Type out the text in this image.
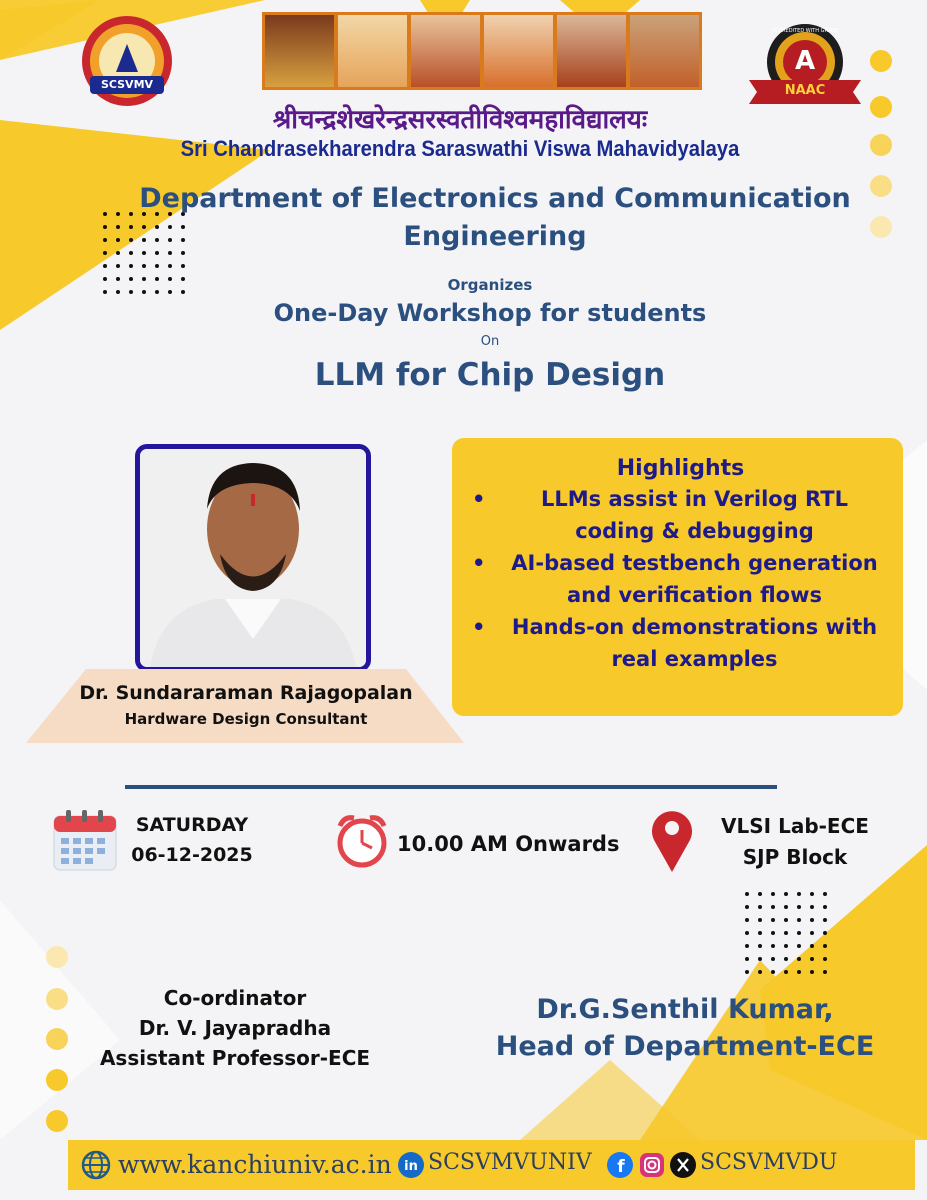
SCSVMV
A
NAAC
ACCREDITED WITH GRADE
श्रीचन्द्रशेखरेन्द्रसरस्वतीविश्वमहाविद्यालयः
Sri Chandrasekharendra Saraswathi Viswa Mahavidyalaya
Department of Electronics and Communication Engineering
Organizes
One-Day Workshop for students
On
LLM for Chip Design
Dr. Sundararaman Rajagopalan
Hardware Design Consultant
Highlights
•	LLMs assist in Verilog RTL coding & debugging
•	AI-based testbench generation and verification flows
•	Hands-on demonstrations with real examples
SATURDAY
06-12-2025	10.00 AM Onwards
VLSI Lab-ECE
SJP Block
Co-ordinator
Dr. V. Jayapradha
Assistant Professor-ECE
Dr.G.Senthil Kumar,
Head of Department-ECE
www.kanchiuniv.ac.in in SCSVMVUNIV	f	SCSVMVDU
